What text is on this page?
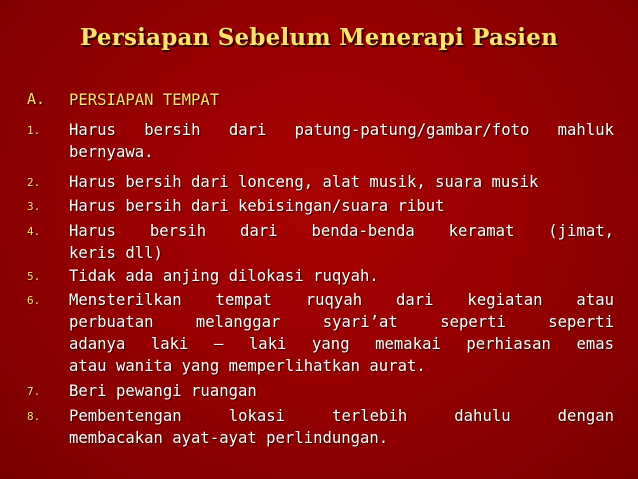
Persiapan Sebelum Menerapi Pasien
A. PERSIAPAN TEMPAT
1. Harus bersih dari patung-patung/gambar/foto mahluk
bernyawa.
2. Harus bersih dari lonceng, alat musik, suara musik
3. Harus bersih dari kebisingan/suara ribut
4. Harus bersih dari benda-benda keramat (jimat,
keris dll)
5. Tidak ada anjing dilokasi ruqyah.
6. Mensterilkan tempat ruqyah dari kegiatan atau
perbuatan melanggar syari’at seperti seperti
adanya laki – laki yang memakai perhiasan emas
atau wanita yang memperlihatkan aurat.
7. Beri pewangi ruangan
8. Pembentengan lokasi terlebih dahulu dengan
membacakan ayat-ayat perlindungan.
